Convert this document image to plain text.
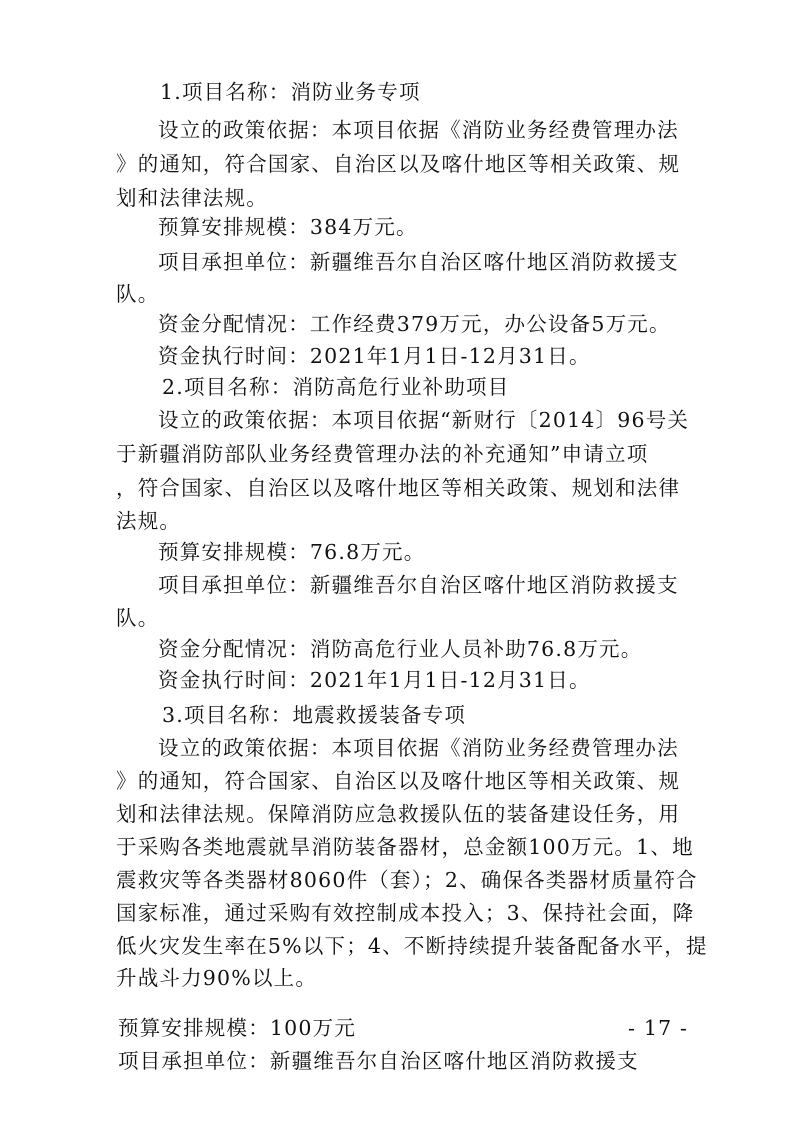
1.项目名称：消防业务专项
设立的政策依据：本项目依据《消防业务经费管理办法
》的通知，符合国家、自治区以及喀什地区等相关政策、规
划和法律法规。
预算安排规模：384万元。
项目承担单位：新疆维吾尔自治区喀什地区消防救援支
队。
资金分配情况：工作经费379万元，办公设备5万元。
资金执行时间：2021年1月1日-12月31日。
2.项目名称：消防高危行业补助项目
设立的政策依据：本项目依据“新财行〔2014〕96号关
于新疆消防部队业务经费管理办法的补充通知”申请立项
，符合国家、自治区以及喀什地区等相关政策、规划和法律
法规。
预算安排规模：76.8万元。
项目承担单位：新疆维吾尔自治区喀什地区消防救援支
队。
资金分配情况：消防高危行业人员补助76.8万元。
资金执行时间：2021年1月1日-12月31日。
3.项目名称：地震救援装备专项
设立的政策依据：本项目依据《消防业务经费管理办法
》的通知，符合国家、自治区以及喀什地区等相关政策、规
划和法律法规。保障消防应急救援队伍的装备建设任务，用
于采购各类地震就旱消防装备器材，总金额100万元。1、地
震救灾等各类器材8060件（套）；2、确保各类器材质量符合
国家标准，通过采购有效控制成本投入；3、保持社会面，降
低火灾发生率在5%以下；4、不断持续提升装备配备水平，提
升战斗力90%以上。
预算安排规模：100万元	- 17 -
项目承担单位：新疆维吾尔自治区喀什地区消防救援支
